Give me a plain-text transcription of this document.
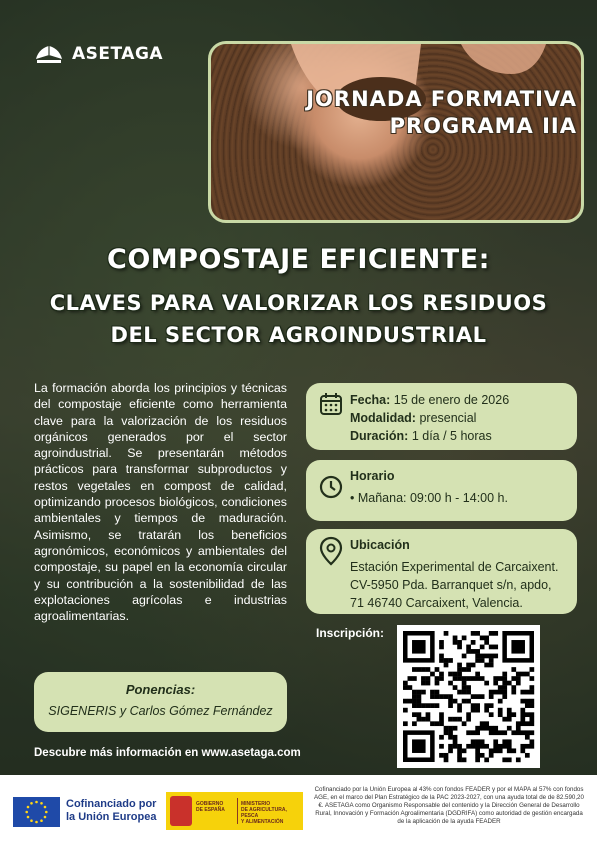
ASETAGA
JORNADA FORMATIVA
PROGRAMA IIA
COMPOSTAJE EFICIENTE:
CLAVES PARA VALORIZAR LOS RESIDUOS
DEL SECTOR AGROINDUSTRIAL
La formación aborda los principios y técnicas del compostaje eficiente como herramienta clave para la valorización de los residuos orgánicos generados por el sector agroindustrial. Se presentarán métodos prácticos para transformar subproductos y restos vegetales en compost de calidad, optimizando procesos biológicos, condiciones ambientales y tiempos de maduración. Asimismo, se tratarán los beneficios agronómicos, económicos y ambientales del compostaje, su papel en la economía circular y su contribución a la sostenibilidad de las explotaciones agrícolas e industrias agroalimentarias.
Fecha: 15 de enero de 2026
Modalidad: presencial
Duración: 1 día / 5 horas
Horario
• Mañana: 09:00 h - 14:00 h.
Ubicación
Estación Experimental de Carcaixent.
CV-5950 Pda. Barranquet s/n, apdo,
71 46740 Carcaixent, Valencia.
Inscripción:
Ponencias:
SIGENERIS y Carlos Gómez Fernández
Descubre más información en www.asetaga.com
Cofinanciado por
la Unión Europea
GOBIERNO
DE ESPAÑA
MINISTERIO
DE AGRICULTURA, PESCA
Y ALIMENTACIÓN
Cofinanciado por la Unión Europea al 43% con fondos FEADER y por el MAPA al 57% con fondos AGE, en el marco del Plan Estratégico de la PAC 2023-2027, con una ayuda total de de 82.590,20 €. ASETAGA como Organismo Responsable del contenido y la Dirección General de Desarrollo Rural, Innovación y Formación Agroalimentaria (DGDRIFA) como autoridad de gestión encargada de la aplicación de la ayuda FEADER
